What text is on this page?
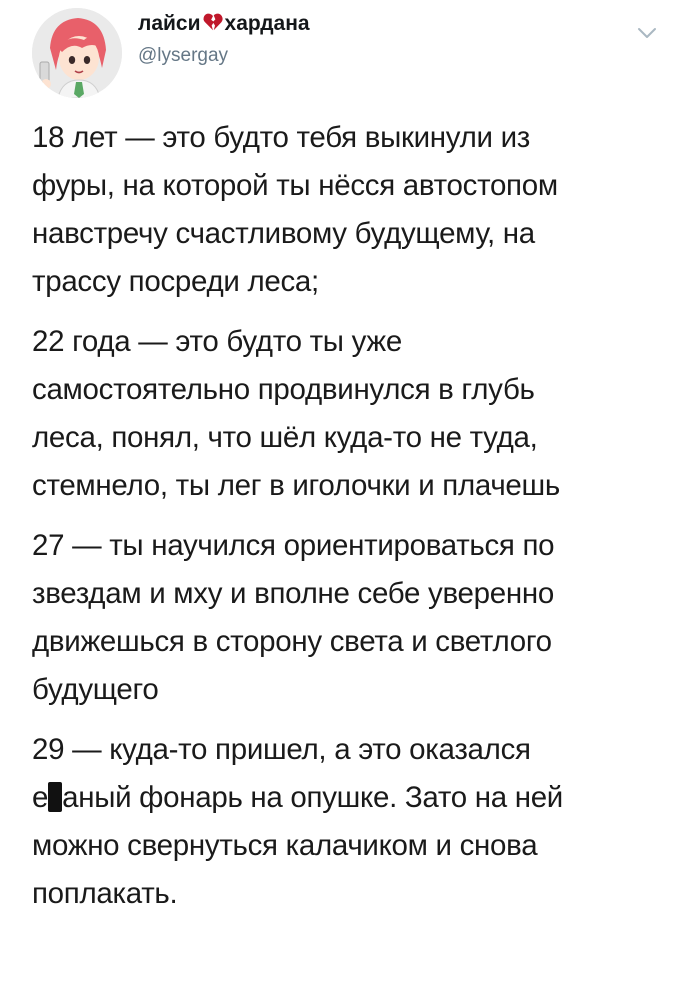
лайси хардана
@lysergay
18 лет — это будто тебя выкинули из
фуры, на которой ты нёсся автостопом
навстречу счастливому будущему, на
трассу посреди леса;
22 года — это будто ты уже
самостоятельно продвинулся в глубь
леса, понял, что шёл куда-то не туда,
стемнело, ты лег в иголочки и плачешь
27 — ты научился ориентироваться по
звездам и мху и вполне себе уверенно
движешься в сторону света и светлого
будущего
29 — куда-то пришел, а это оказался
е аный фонарь на опушке. Зато на ней
можно свернуться калачиком и снова
поплакать.
